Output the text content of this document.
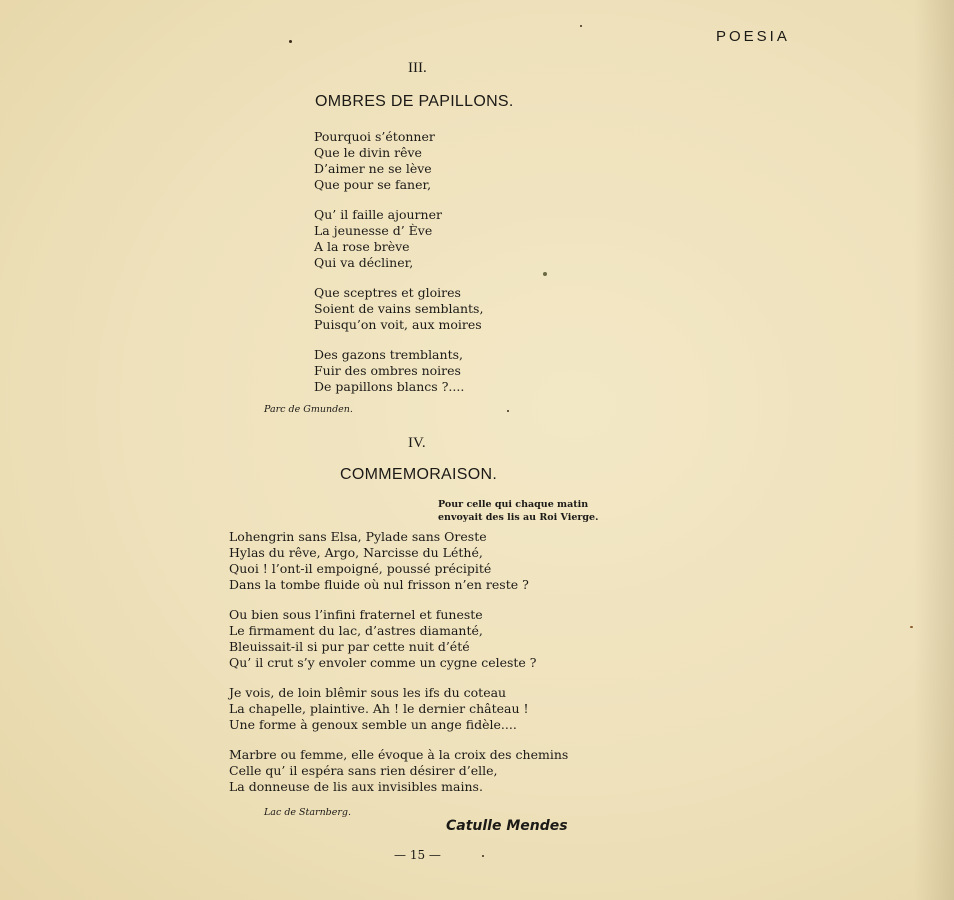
POESIA
III.
OMBRES DE PAPILLONS.
Pourquoi s’étonner
Que le divin rêve
D’aimer ne se lève
Que pour se faner,
Qu’ il faille ajourner
La jeunesse d’ Ève
A la rose brève
Qui va décliner,
Que sceptres et gloires
Soient de vains semblants,
Puisqu’on voit, aux moires
Des gazons tremblants,
Fuir des ombres noires
De papillons blancs ?....
Parc de Gmunden.
IV.
COMMEMORAISON.
Pour celle qui chaque matin
envoyait des lis au Roi Vierge.
Lohengrin sans Elsa, Pylade sans Oreste
Hylas du rêve, Argo, Narcisse du Léthé,
Quoi ! l’ont-il empoigné, poussé précipité
Dans la tombe fluide où nul frisson n’en reste ?
Ou bien sous l’infini fraternel et funeste
Le firmament du lac, d’astres diamanté,
Bleuissait-il si pur par cette nuit d’été
Qu’ il crut s’y envoler comme un cygne celeste ?
Je vois, de loin blêmir sous les ifs du coteau
La chapelle, plaintive. Ah ! le dernier château !
Une forme à genoux semble un ange fidèle....
Marbre ou femme, elle évoque à la croix des chemins
Celle qu’ il espéra sans rien désirer d’elle,
La donneuse de lis aux invisibles mains.
Lac de Starnberg.
Catulle Mendes
— 15 —
